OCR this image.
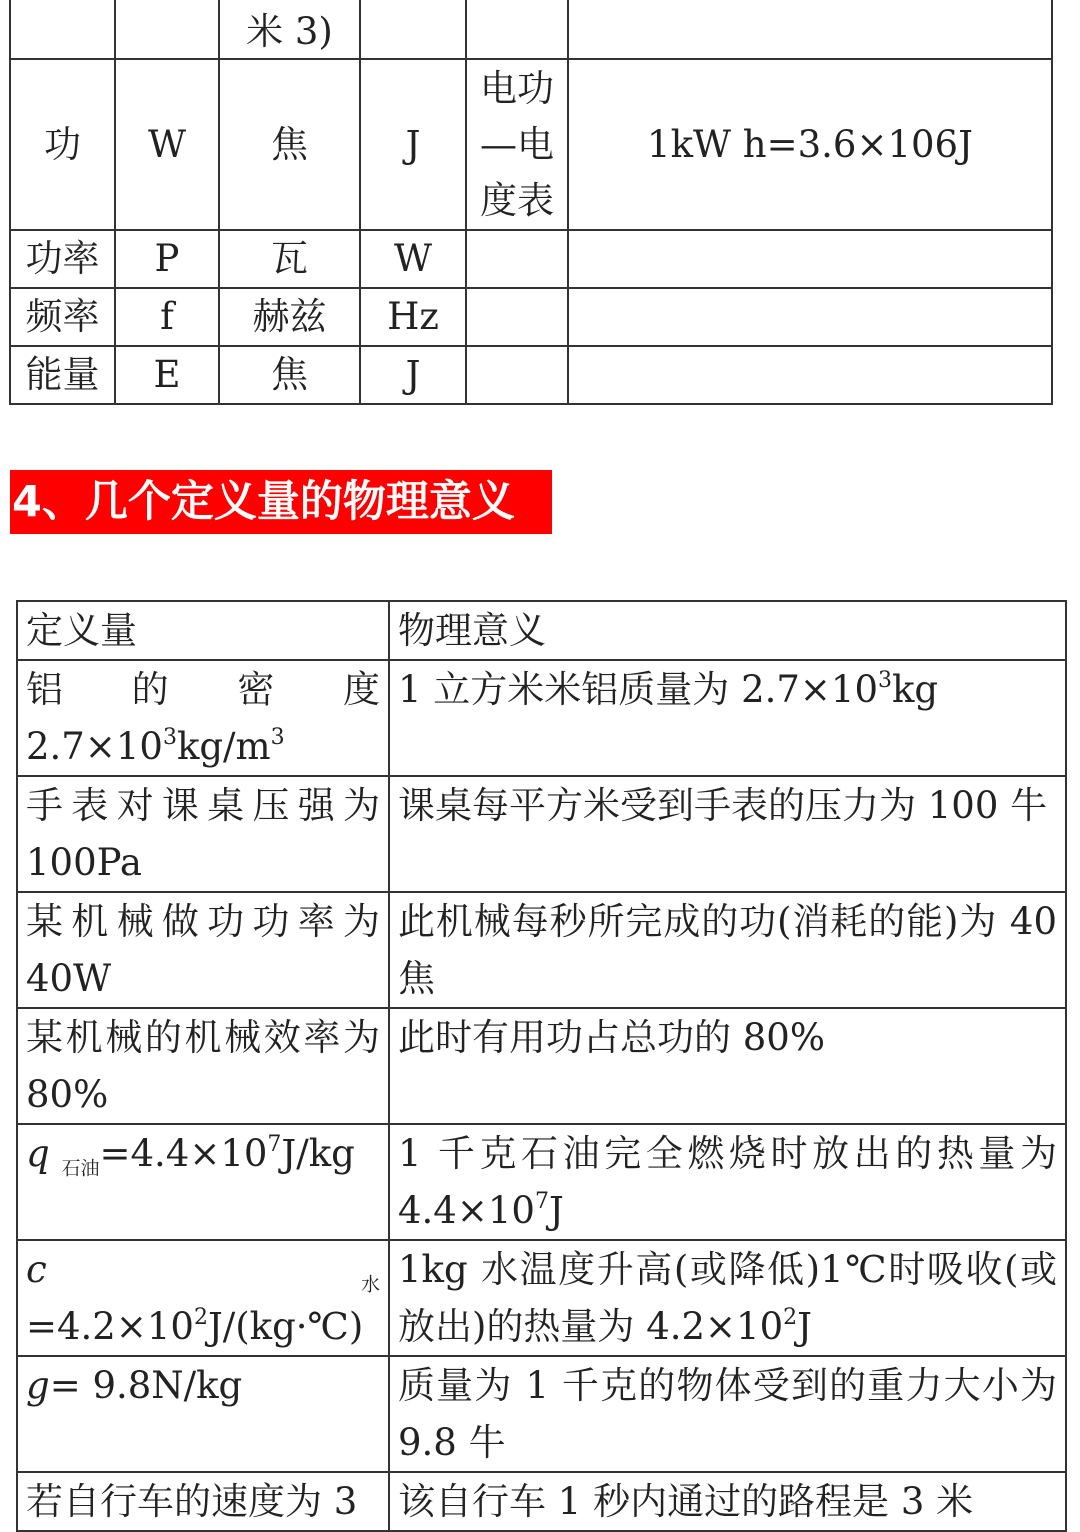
		米 3)			
功	W	焦	J	电功—电度表	1kW h=3.6×106J
功率	P	瓦	W		
频率	f	赫兹	Hz		
能量	E	焦	J		
4、几个定义量的物理意义
定义量	物理意义
铝的密度 $2.7\times 10^3kg/m^3$	1 立方米米铝质量为 $2.7\times 10^3kg$
手表对课桌压强为 100Pa	课桌每平方米受到手表的压力为 100 牛
某机械做功功率为 40W	此机械每秒所完成的功(消耗的能)为 40 焦
某机械的机械效率为 80%	此时有用功占总功的 80%
q $_{石油}=4.4\times 10^7J/kg$	1 千克石油完全燃烧时放出的热量为 $4.4\times 10^7J$
c $_水=4.2\times 10^2J/(kg\cdot℃)$	1kg 水温度升高(或降低)1℃时吸收(或放出)的热量为 $4.2\times 10^2J$
g= 9.8N/kg	质量为 1 千克的物体受到的重力大小为 9.8 牛
若自行车的速度为 3	该自行车 1 秒内通过的路程是 3 米
